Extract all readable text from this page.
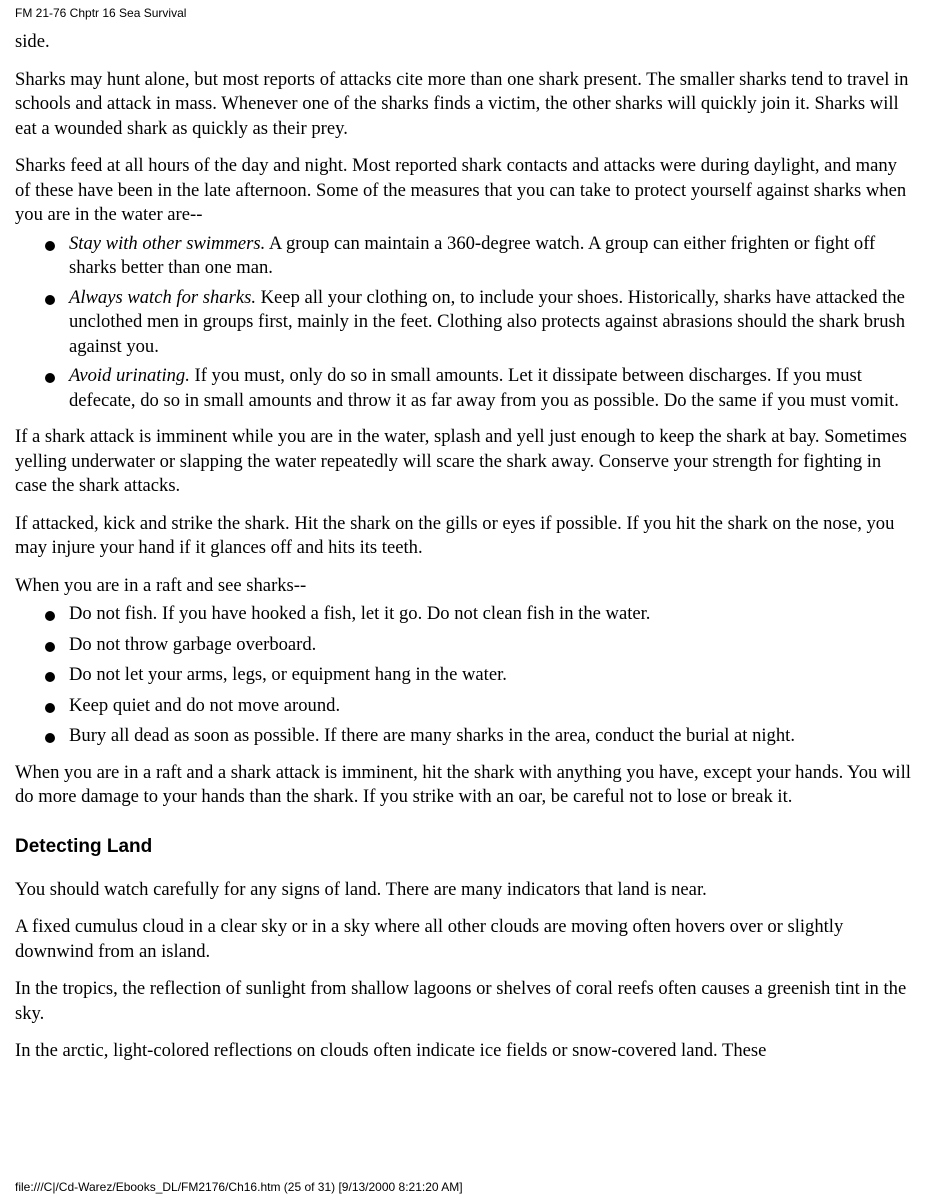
FM 21-76 Chptr 16 Sea Survival

side.

Sharks may hunt alone, but most reports of attacks cite more than one shark present. The smaller sharks tend to travel in schools and attack in mass. Whenever one of the sharks finds a victim, the other sharks will quickly join it. Sharks will eat a wounded shark as quickly as their prey.

Sharks feed at all hours of the day and night. Most reported shark contacts and attacks were during daylight, and many of these have been in the late afternoon. Some of the measures that you can take to protect yourself against sharks when you are in the water are--

Stay with other swimmers. A group can maintain a 360-degree watch. A group can either frighten or fight off sharks better than one man.
Always watch for sharks. Keep all your clothing on, to include your shoes. Historically, sharks have attacked the unclothed men in groups first, mainly in the feet. Clothing also protects against abrasions should the shark brush against you.
Avoid urinating. If you must, only do so in small amounts. Let it dissipate between discharges. If you must defecate, do so in small amounts and throw it as far away from you as possible. Do the same if you must vomit.

If a shark attack is imminent while you are in the water, splash and yell just enough to keep the shark at bay. Sometimes yelling underwater or slapping the water repeatedly will scare the shark away. Conserve your strength for fighting in case the shark attacks.

If attacked, kick and strike the shark. Hit the shark on the gills or eyes if possible. If you hit the shark on the nose, you may injure your hand if it glances off and hits its teeth.

When you are in a raft and see sharks--

Do not fish. If you have hooked a fish, let it go. Do not clean fish in the water.
Do not throw garbage overboard.
Do not let your arms, legs, or equipment hang in the water.
Keep quiet and do not move around.
Bury all dead as soon as possible. If there are many sharks in the area, conduct the burial at night.

When you are in a raft and a shark attack is imminent, hit the shark with anything you have, except your hands. You will do more damage to your hands than the shark. If you strike with an oar, be careful not to lose or break it.

Detecting Land

You should watch carefully for any signs of land. There are many indicators that land is near.

A fixed cumulus cloud in a clear sky or in a sky where all other clouds are moving often hovers over or slightly downwind from an island.

In the tropics, the reflection of sunlight from shallow lagoons or shelves of coral reefs often causes a greenish tint in the sky.

In the arctic, light-colored reflections on clouds often indicate ice fields or snow-covered land. These

file:///C|/Cd-Warez/Ebooks_DL/FM2176/Ch16.htm (25 of 31) [9/13/2000 8:21:20 AM]
